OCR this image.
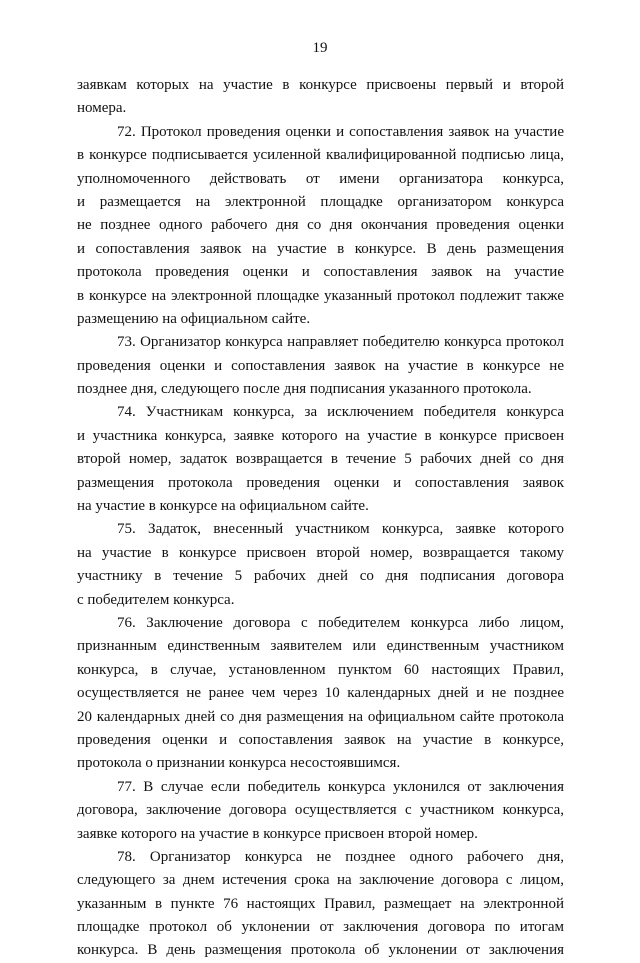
19
заявкам которых на участие в конкурсе присвоены первый и второй
номера.
72. Протокол проведения оценки и сопоставления заявок на участие
в конкурсе подписывается усиленной квалифицированной подписью лица,
уполномоченного действовать от имени организатора конкурса,
и размещается на электронной площадке организатором конкурса
не позднее одного рабочего дня со дня окончания проведения оценки
и сопоставления заявок на участие в конкурсе. В день размещения
протокола проведения оценки и сопоставления заявок на участие
в конкурсе на электронной площадке указанный протокол подлежит также
размещению на официальном сайте.
73. Организатор конкурса направляет победителю конкурса протокол
проведения оценки и сопоставления заявок на участие в конкурсе не
позднее дня, следующего после дня подписания указанного протокола.
74. Участникам конкурса, за исключением победителя конкурса
и участника конкурса, заявке которого на участие в конкурсе присвоен
второй номер, задаток возвращается в течение 5 рабочих дней со дня
размещения протокола проведения оценки и сопоставления заявок
на участие в конкурсе на официальном сайте.
75. Задаток, внесенный участником конкурса, заявке которого
на участие в конкурсе присвоен второй номер, возвращается такому
участнику в течение 5 рабочих дней со дня подписания договора
с победителем конкурса.
76. Заключение договора с победителем конкурса либо лицом,
признанным единственным заявителем или единственным участником
конкурса, в случае, установленном пунктом 60 настоящих Правил,
осуществляется не ранее чем через 10 календарных дней и не позднее
20 календарных дней со дня размещения на официальном сайте протокола
проведения оценки и сопоставления заявок на участие в конкурсе,
протокола о признании конкурса несостоявшимся.
77. В случае если победитель конкурса уклонился от заключения
договора, заключение договора осуществляется с участником конкурса,
заявке которого на участие в конкурсе присвоен второй номер.
78. Организатор конкурса не позднее одного рабочего дня,
следующего за днем истечения срока на заключение договора с лицом,
указанным в пункте 76 настоящих Правил, размещает на электронной
площадке протокол об уклонении от заключения договора по итогам
конкурса. В день размещения протокола об уклонении от заключения
